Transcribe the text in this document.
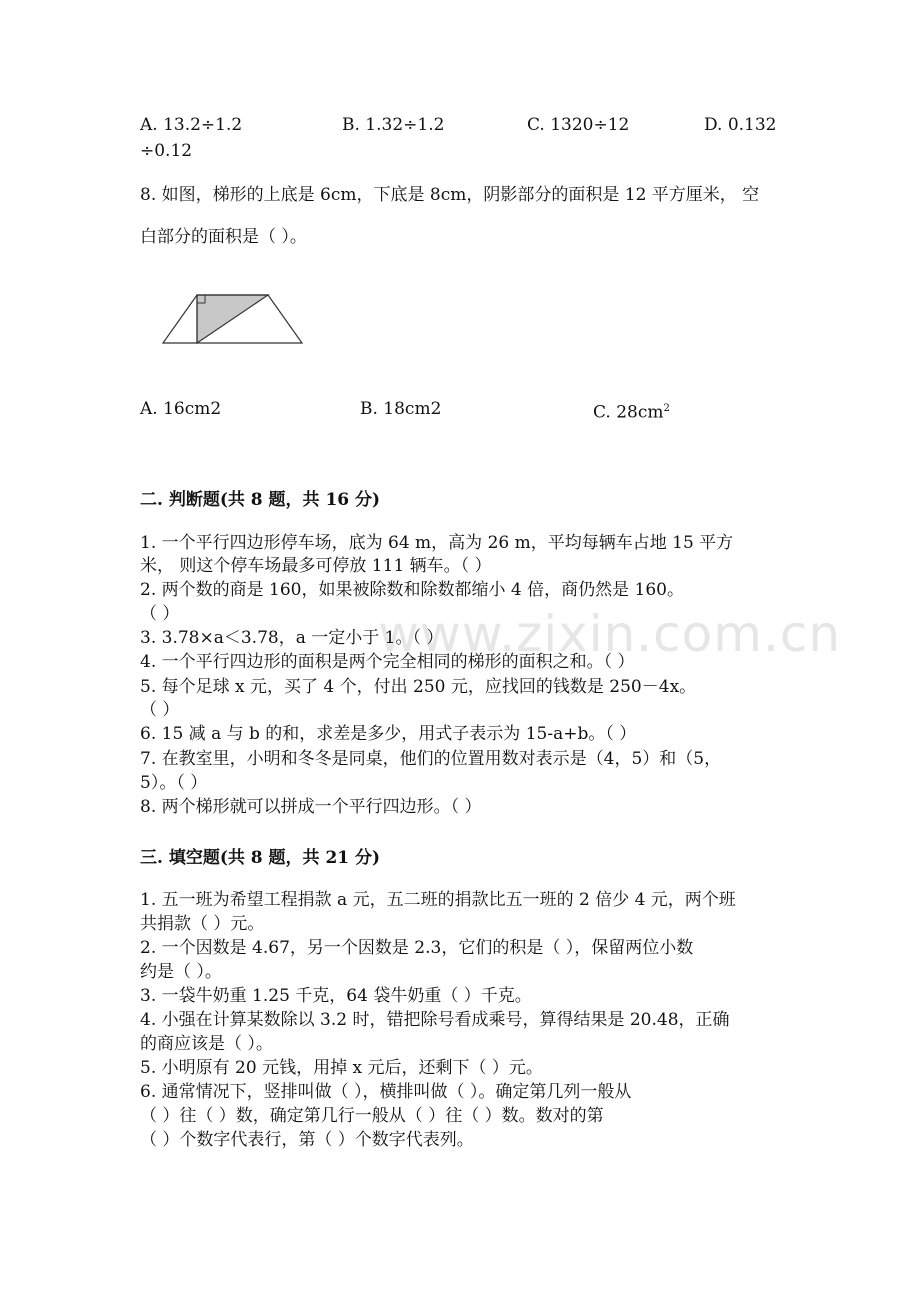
www.zixin.com.cn
A. 13.2÷1.2	B. 1.32÷1.2	C. 1320÷12	D. 0.132
÷0.12
8. 如图，梯形的上底是 6cm，下底是 8cm，阴影部分的面积是 12 平方厘米， 空
白部分的面积是（ ）。
A. 16cm2	B. 18cm2	C. $28cm^2$
二. 判断题(共 8 题，共 16 分)
1. 一个平行四边形停车场，底为 64 m，高为 26 m，平均每辆车占地 15 平方
米， 则这个停车场最多可停放 111 辆车。（ ）
2. 两个数的商是 160，如果被除数和除数都缩小 4 倍，商仍然是 160。
（ ）
3. 3.78×a＜3.78，a 一定小于 1。（ ）
4. 一个平行四边形的面积是两个完全相同的梯形的面积之和。（ ）
5. 每个足球 x 元，买了 4 个，付出 250 元，应找回的钱数是 250－4x。
（ ）
6. 15 减 a 与 b 的和，求差是多少，用式子表示为 15-a+b。（ ）
7. 在教室里，小明和冬冬是同桌，他们的位置用数对表示是（4，5）和（5，
5）。（ ）
8. 两个梯形就可以拼成一个平行四边形。（ ）
三. 填空题(共 8 题，共 21 分)
1. 五一班为希望工程捐款 a 元，五二班的捐款比五一班的 2 倍少 4 元，两个班
共捐款（ ）元。
2. 一个因数是 4.67，另一个因数是 2.3，它们的积是（ ），保留两位小数
约是（ ）。
3. 一袋牛奶重 1.25 千克，64 袋牛奶重（ ）千克。
4. 小强在计算某数除以 3.2 时，错把除号看成乘号，算得结果是 20.48，正确
的商应该是（ ）。
5. 小明原有 20 元钱，用掉 x 元后，还剩下（ ）元。
6. 通常情况下，竖排叫做（ ），横排叫做（ ）。确定第几列一般从
（ ）往（ ）数，确定第几行一般从（ ）往（ ）数。数对的第
（ ）个数字代表行，第（ ）个数字代表列。
